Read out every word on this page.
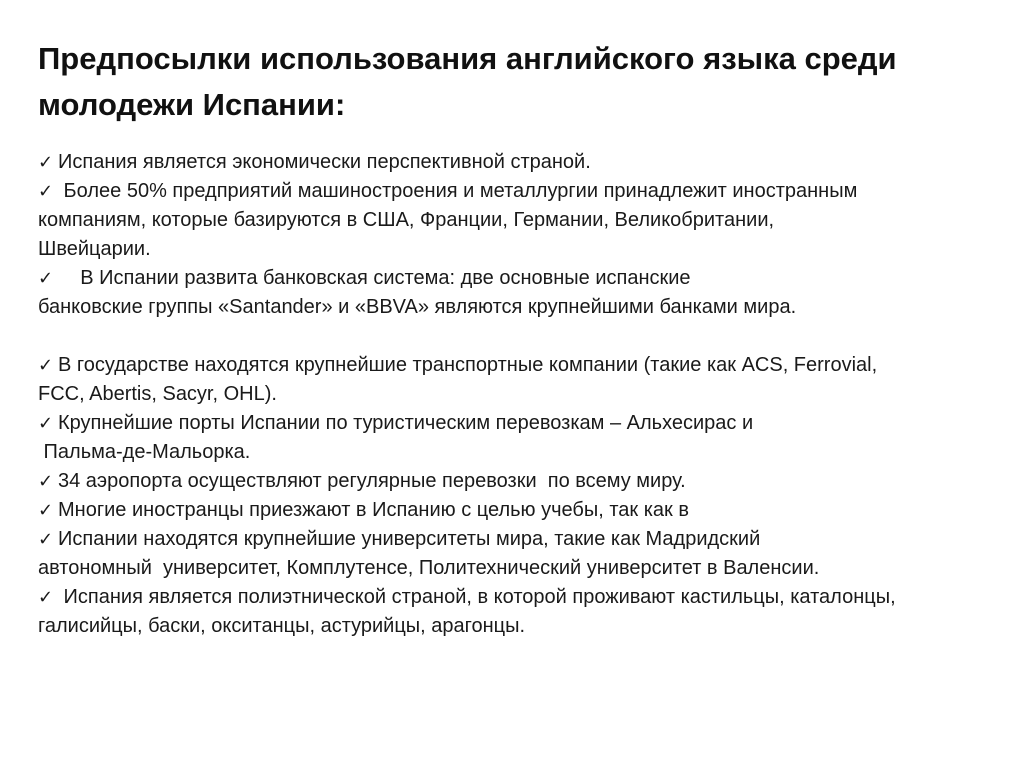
Предпосылки использования английского языка среди
молодежи Испании:
✓ Испания является экономически перспективной страной.
✓ Более 50% предприятий машиностроения и металлургии принадлежит иностранным
компаниям, которые базируются в США, Франции, Германии, Великобритании,
Швейцарии.
✓    В Испании развита банковская система: две основные испанские
банковские группы «Santander» и «BBVA» являются крупнейшими банками мира.
✓ В государстве находятся крупнейшие транспортные компании (такие как ACS, Ferrovial,
FCC, Abertis, Sacyr, OHL).
✓ Крупнейшие порты Испании по туристическим перевозкам – Альхесирас и
Пальма-де-Мальорка.
✓ 34 аэропорта осуществляют регулярные перевозки  по всему миру.
✓ Многие иностранцы приезжают в Испанию с целью учебы, так как в
✓ Испании находятся крупнейшие университеты мира, такие как Мадридский
автономный  университет, Комплутенсе, Политехнический университет в Валенсии.
✓ Испания является полиэтнической страной, в которой проживают кастильцы, каталонцы,
галисийцы, баски, окситанцы, астурийцы, арагонцы.
